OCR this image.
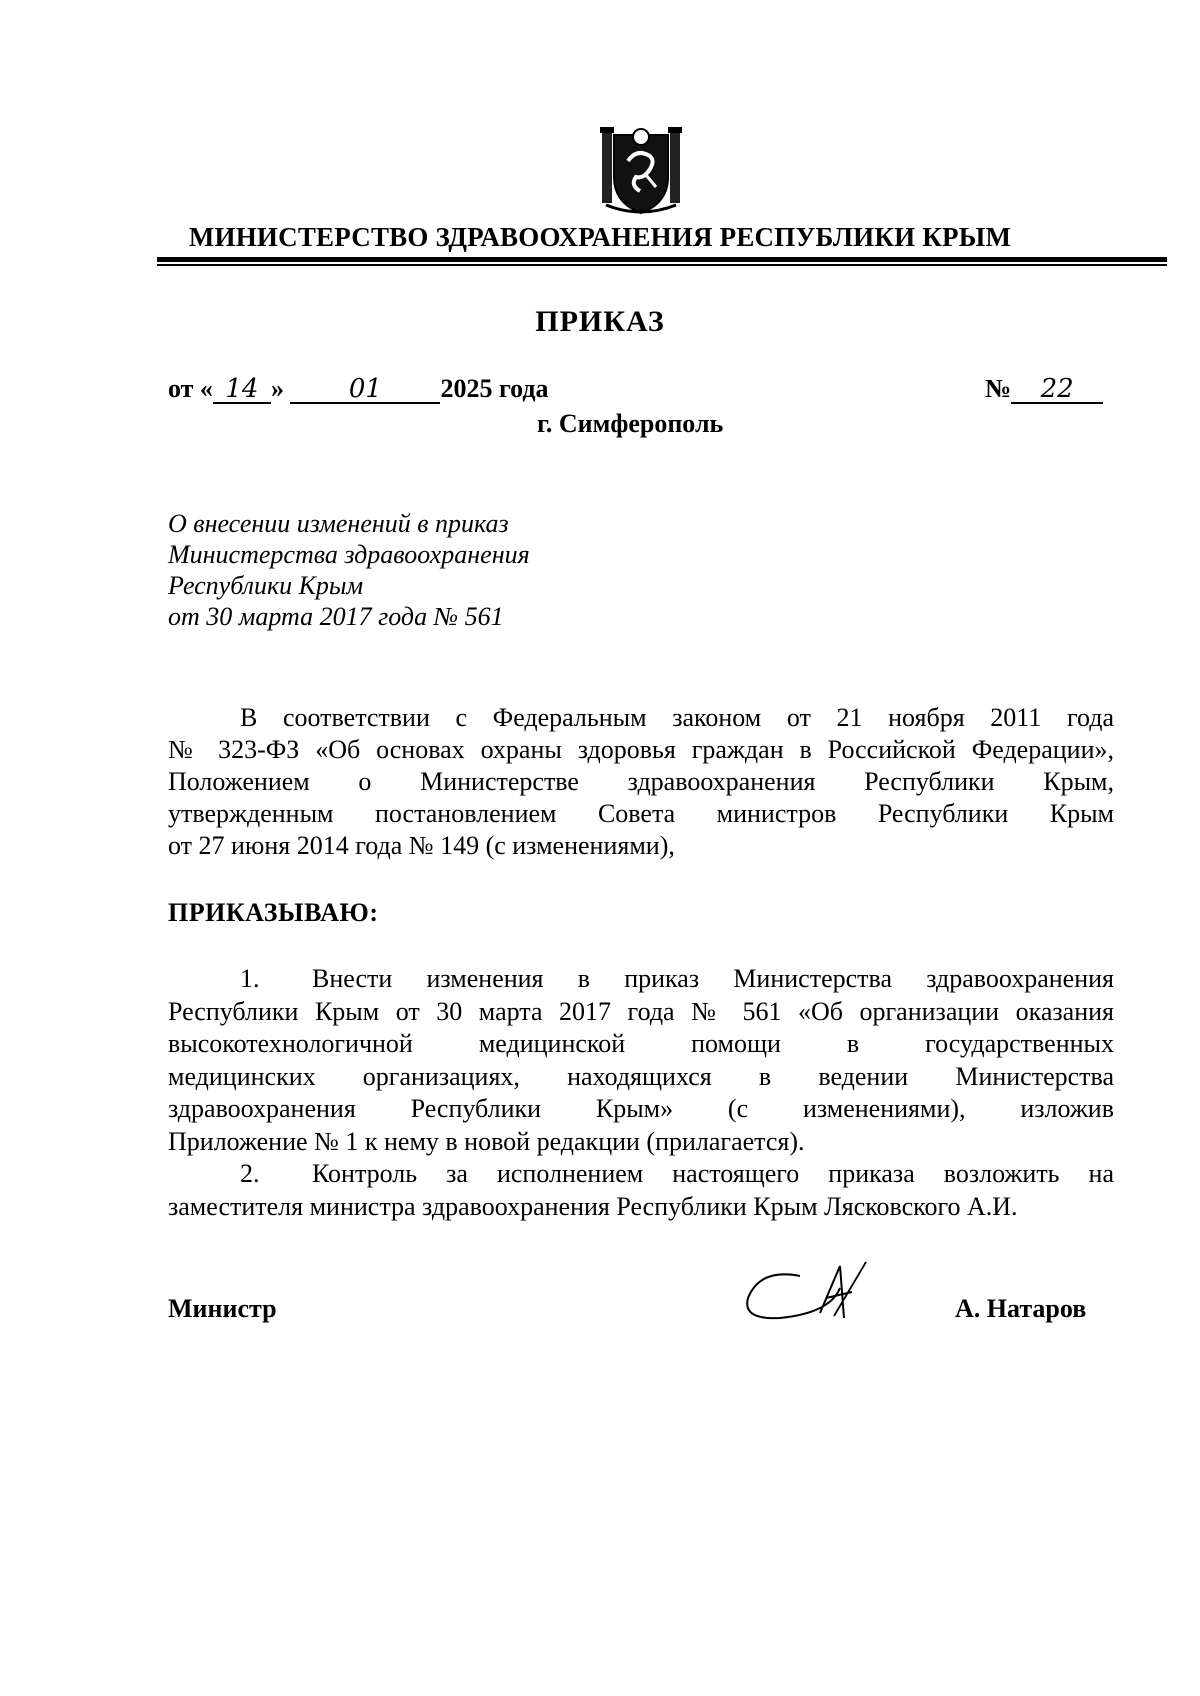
МИНИСТЕРСТВО ЗДРАВООХРАНЕНИЯ РЕСПУБЛИКИ КРЫМ
ПРИКАЗ
от « 14 » 01 2025 года	№ 22
г. Симферополь
О внесении изменений в приказ
Министерства здравоохранения
Республики Крым
от 30 марта 2017 года № 561
В соответствии с Федеральным законом от 21 ноября 2011 года
№ 323-ФЗ «Об основах охраны здоровья граждан в Российской Федерации»,
Положением о Министерстве здравоохранения Республики Крым,
утвержденным постановлением Совета министров Республики Крым
от 27 июня 2014 года № 149 (с изменениями),
ПРИКАЗЫВАЮ:
1. Внести изменения в приказ Министерства здравоохранения
Республики Крым от 30 марта 2017 года № 561 «Об организации оказания
высокотехнологичной медицинской помощи в государственных
медицинских организациях, находящихся в ведении Министерства
здравоохранения Республики Крым» (с изменениями), изложив
Приложение № 1 к нему в новой редакции (прилагается).
2. Контроль за исполнением настоящего приказа возложить на
заместителя министра здравоохранения Республики Крым Лясковского А.И.
Министр	А. Натаров
